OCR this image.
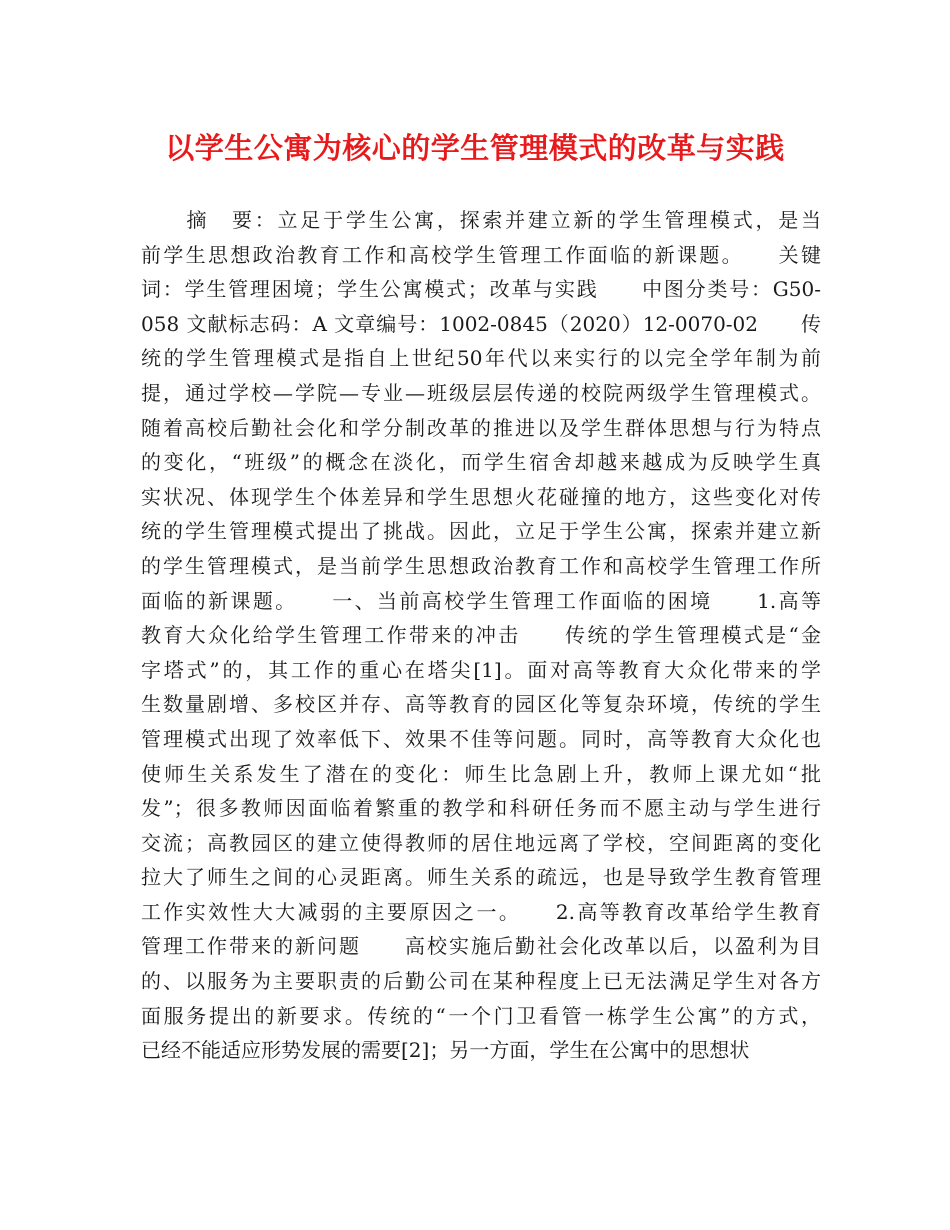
以学生公寓为核心的学生管理模式的改革与实践
　　摘　要：立足于学生公寓，探索并建立新的学生管理模式，是当
前学生思想政治教育工作和高校学生管理工作面临的新课题。　　关键
词：学生管理困境；学生公寓模式；改革与实践　　中图分类号：G50-
058 文献标志码：A 文章编号：1002-0845（2020）12-0070-02　　传
统的学生管理模式是指自上世纪50年代以来实行的以完全学年制为前
提，通过学校—学院—专业—班级层层传递的校院两级学生管理模式。
随着高校后勤社会化和学分制改革的推进以及学生群体思想与行为特点
的变化，“班级”的概念在淡化，而学生宿舍却越来越成为反映学生真
实状况、体现学生个体差异和学生思想火花碰撞的地方，这些变化对传
统的学生管理模式提出了挑战。因此，立足于学生公寓，探索并建立新
的学生管理模式，是当前学生思想政治教育工作和高校学生管理工作所
面临的新课题。　　一、当前高校学生管理工作面临的困境　　1.高等
教育大众化给学生管理工作带来的冲击　　传统的学生管理模式是“金
字塔式”的，其工作的重心在塔尖[1]。面对高等教育大众化带来的学
生数量剧增、多校区并存、高等教育的园区化等复杂环境，传统的学生
管理模式出现了效率低下、效果不佳等问题。同时，高等教育大众化也
使师生关系发生了潜在的变化：师生比急剧上升，教师上课尤如“批
发”；很多教师因面临着繁重的教学和科研任务而不愿主动与学生进行
交流；高教园区的建立使得教师的居住地远离了学校，空间距离的变化
拉大了师生之间的心灵距离。师生关系的疏远，也是导致学生教育管理
工作实效性大大减弱的主要原因之一。　　2.高等教育改革给学生教育
管理工作带来的新问题　　高校实施后勤社会化改革以后，以盈利为目
的、以服务为主要职责的后勤公司在某种程度上已无法满足学生对各方
面服务提出的新要求。传统的“一个门卫看管一栋学生公寓”的方式，
已经不能适应形势发展的需要[2]；另一方面，学生在公寓中的思想状
